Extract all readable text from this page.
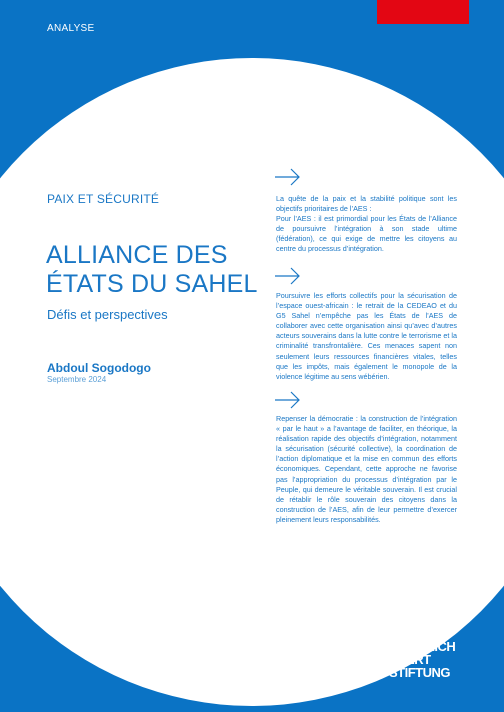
ANALYSE
PAIX ET SÉCURITÉ
ALLIANCE DES
ÉTATS DU SAHEL
Défis et perspectives
Abdoul Sogodogo
Septembre 2024

La quête de la paix et la stabilité politique sont les objectifs prioritaires de l’AES :
Pour l’AES : il est primordial pour les États de l’Alliance de poursuivre l’intégration à son stade ultime (fédération), ce qui exige de mettre les citoyens au centre du processus d’intégration.

Poursuivre les efforts collectifs pour la sécurisation de l’espace ouest-africain : le retrait de la CEDEAO et du G5 Sahel n’empêche pas les États de l’AES de collaborer avec cette organisation ainsi qu’avec d’autres acteurs souverains dans la lutte contre le terrorisme et la criminalité transfrontalière. Ces menaces sapent non seulement leurs ressources financières vitales, telles que les impôts, mais également le monopole de la violence légitime au sens wébérien.

Repenser la démocratie : la construction de l’intégration « par le haut » a l’avantage de faciliter, en théorique, la réalisation rapide des objectifs d’intégration, notamment la sécurisation (sécurité collective), la coordination de l’action diplomatique et la mise en commun des efforts économiques. Cependant, cette approche ne favorise pas l’appropriation du processus d’intégration par le Peuple, qui demeure le véritable souverain. Il est crucial de rétablir le rôle souverain des citoyens dans la construction de l’AES, afin de leur permettre d’exercer pleinement leurs responsabilités.

FRIEDRICH
EBERT
STIFTUNG
